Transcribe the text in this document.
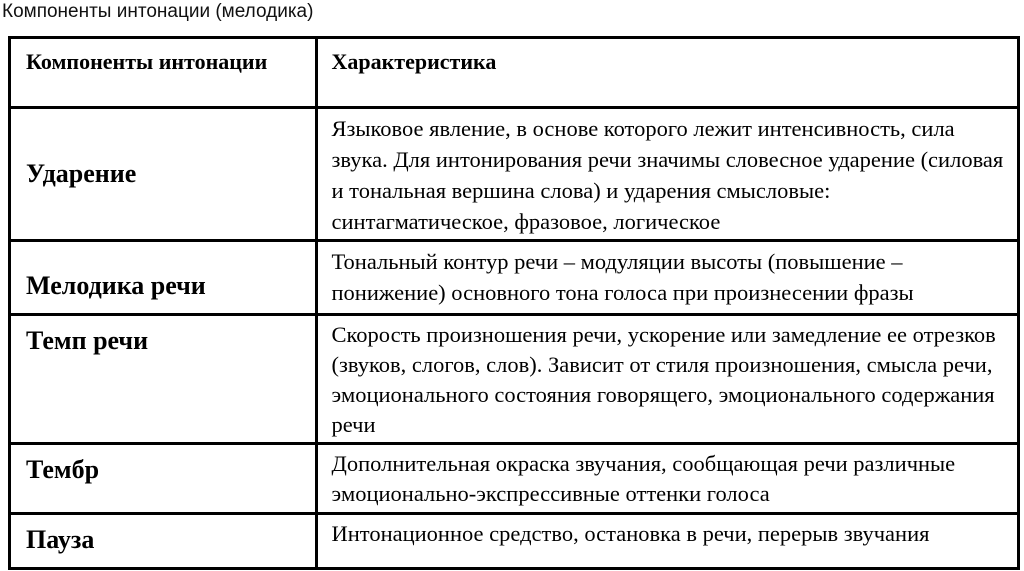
Компоненты интонации (мелодика)
Компоненты интонации	Характеристика
Ударение	Языковое явление, в основе которого лежит интенсивность, сила звука. Для интонирования речи значимы словесное ударение (силовая и тональная вершина слова) и ударения смысловые: синтагматическое, фразовое, логическое
Мелодика речи	Тональный контур речи – модуляции высоты (повышение – понижение) основного тона голоса при произнесении фразы
Темп речи	Скорость произношения речи, ускорение или замедление ее отрезков (звуков, слогов, слов). Зависит от стиля произношения, смысла речи, эмоционального состояния говорящего, эмоционального содержания речи
Тембр	Дополнительная окраска звучания, сообщающая речи различные эмоционально-экспрессивные оттенки голоса
Пауза	Интонационное средство, остановка в речи, перерыв звучания
